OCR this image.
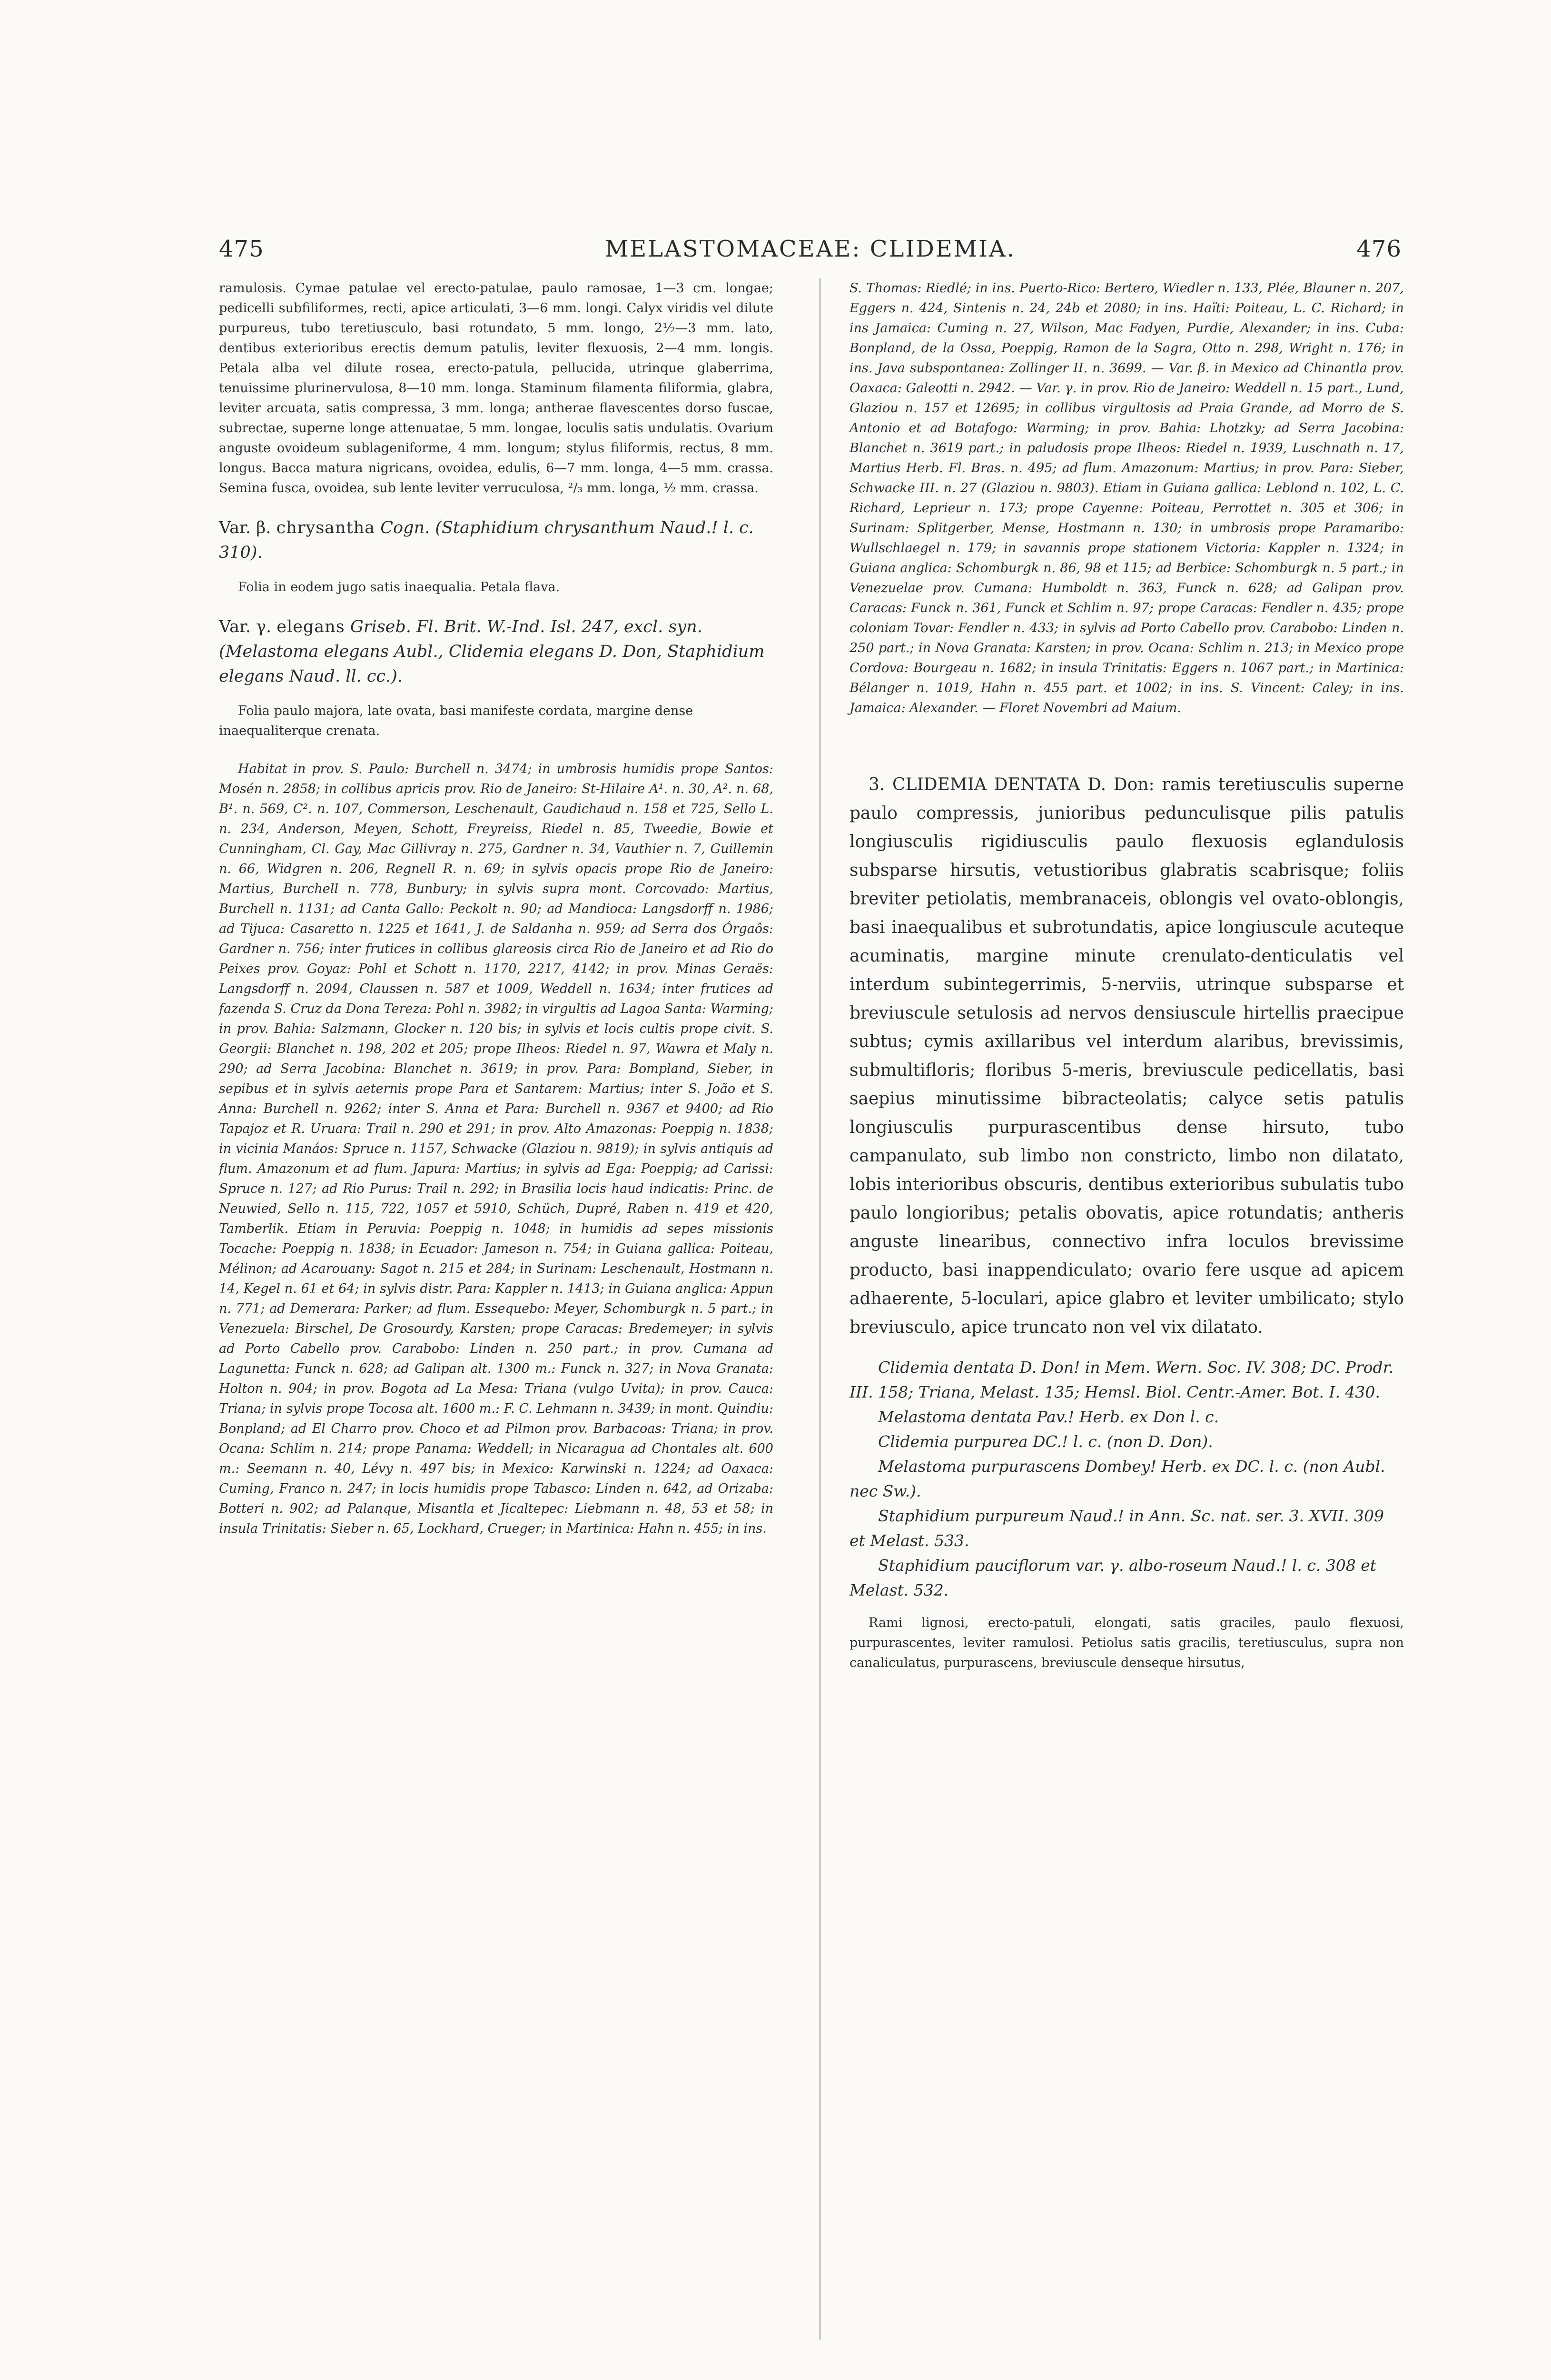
475	MELASTOMACEAE: CLIDEMIA.	476

ramulosis. Cymae patulae vel erecto-patulae, paulo ramosae, 1—3 cm. longae; pedicelli subfiliformes, recti, apice articulati, 3—6 mm. longi. Calyx viridis vel dilute purpureus, tubo teretiusculo, basi rotundato, 5 mm. longo, 2½—3 mm. lato, dentibus exterioribus erectis demum patulis, leviter flexuosis, 2—4 mm. longis. Petala alba vel dilute rosea, erecto-patula, pellucida, utrinque glaberrima, tenuissime plurinervulosa, 8—10 mm. longa. Staminum filamenta filiformia, glabra, leviter arcuata, satis compressa, 3 mm. longa; antherae flavescentes dorso fuscae, subrectae, superne longe attenuatae, 5 mm. longae, loculis satis undulatis. Ovarium anguste ovoideum sublageniforme, 4 mm. longum; stylus filiformis, rectus, 8 mm. longus. Bacca matura nigricans, ovoidea, edulis, 6—7 mm. longa, 4—5 mm. crassa. Semina fusca, ovoidea, sub lente leviter verruculosa, ²/₃ mm. longa, ½ mm. crassa.

Var. β. chrysantha Cogn. (Staphidium chrysanthum Naud.! l. c. 310).

Folia in eodem jugo satis inaequalia. Petala flava.

Var. γ. elegans Griseb. Fl. Brit. W.-Ind. Isl. 247, excl. syn. (Melastoma elegans Aubl., Clidemia elegans D. Don, Staphidium elegans Naud. ll. cc.).

Folia paulo majora, late ovata, basi manifeste cordata, margine dense inaequaliterque crenata.

Habitat in prov. S. Paulo: Burchell n. 3474; in umbrosis humidis prope Santos: Mosén n. 2858; in collibus apricis prov. Rio de Janeiro: St-Hilaire A¹. n. 30, A². n. 68, B¹. n. 569, C². n. 107, Commerson, Leschenault, Gaudichaud n. 158 et 725, Sello L. n. 234, Anderson, Meyen, Schott, Freyreiss, Riedel n. 85, Tweedie, Bowie et Cunningham, Cl. Gay, Mac Gillivray n. 275, Gardner n. 34, Vauthier n. 7, Guillemin n. 66, Widgren n. 206, Regnell R. n. 69; in sylvis opacis prope Rio de Janeiro: Martius, Burchell n. 778, Bunbury; in sylvis supra mont. Corcovado: Martius, Burchell n. 1131; ad Canta Gallo: Peckolt n. 90; ad Mandioca: Langsdorff n. 1986; ad Tijuca: Casaretto n. 1225 et 1641, J. de Saldanha n. 959; ad Serra dos Órgaôs: Gardner n. 756; inter frutices in collibus glareosis circa Rio de Janeiro et ad Rio do Peixes prov. Goyaz: Pohl et Schott n. 1170, 2217, 4142; in prov. Minas Geraës: Langsdorff n. 2094, Claussen n. 587 et 1009, Weddell n. 1634; inter frutices ad fazenda S. Cruz da Dona Tereza: Pohl n. 3982; in virgultis ad Lagoa Santa: Warming; in prov. Bahia: Salzmann, Glocker n. 120 bis; in sylvis et locis cultis prope civit. S. Georgii: Blanchet n. 198, 202 et 205; prope Ilheos: Riedel n. 97, Wawra et Maly n. 290; ad Serra Jacobina: Blanchet n. 3619; in prov. Para: Bompland, Sieber, in sepibus et in sylvis aeternis prope Para et Santarem: Martius; inter S. João et S. Anna: Burchell n. 9262; inter S. Anna et Para: Burchell n. 9367 et 9400; ad Rio Tapajoz et R. Uruara: Trail n. 290 et 291; in prov. Alto Amazonas: Poeppig n. 1838; in vicinia Manáos: Spruce n. 1157, Schwacke (Glaziou n. 9819); in sylvis antiquis ad flum. Amazonum et ad flum. Japura: Martius; in sylvis ad Ega: Poeppig; ad Carissi: Spruce n. 127; ad Rio Purus: Trail n. 292; in Brasilia locis haud indicatis: Princ. de Neuwied, Sello n. 115, 722, 1057 et 5910, Schüch, Dupré, Raben n. 419 et 420, Tamberlik. Etiam in Peruvia: Poeppig n. 1048; in humidis ad sepes missionis Tocache: Poeppig n. 1838; in Ecuador: Jameson n. 754; in Guiana gallica: Poiteau, Mélinon; ad Acarouany: Sagot n. 215 et 284; in Surinam: Leschenault, Hostmann n. 14, Kegel n. 61 et 64; in sylvis distr. Para: Kappler n. 1413; in Guiana anglica: Appun n. 771; ad Demerara: Parker; ad flum. Essequebo: Meyer, Schomburgk n. 5 part.; in Venezuela: Birschel, De Grosourdy, Karsten; prope Caracas: Bredemeyer; in sylvis ad Porto Cabello prov. Carabobo: Linden n. 250 part.; in prov. Cumana ad Lagunetta: Funck n. 628; ad Galipan alt. 1300 m.: Funck n. 327; in Nova Granata: Holton n. 904; in prov. Bogota ad La Mesa: Triana (vulgo Uvita); in prov. Cauca: Triana; in sylvis prope Tocosa alt. 1600 m.: F. C. Lehmann n. 3439; in mont. Quindiu: Bonpland; ad El Charro prov. Choco et ad Pilmon prov. Barbacoas: Triana; in prov. Ocana: Schlim n. 214; prope Panama: Weddell; in Nicaragua ad Chontales alt. 600 m.: Seemann n. 40, Lévy n. 497 bis; in Mexico: Karwinski n. 1224; ad Oaxaca: Cuming, Franco n. 247; in locis humidis prope Tabasco: Linden n. 642, ad Orizaba: Botteri n. 902; ad Palanque, Misantla et Jicaltepec: Liebmann n. 48, 53 et 58; in insula Trinitatis: Sieber n. 65, Lockhard, Crueger; in Martinica: Hahn n. 455; in ins.

S. Thomas: Riedlé; in ins. Puerto-Rico: Bertero, Wiedler n. 133, Plée, Blauner n. 207, Eggers n. 424, Sintenis n. 24, 24b et 2080; in ins. Haïti: Poiteau, L. C. Richard; in ins Jamaica: Cuming n. 27, Wilson, Mac Fadyen, Purdie, Alexander; in ins. Cuba: Bonpland, de la Ossa, Poeppig, Ramon de la Sagra, Otto n. 298, Wright n. 176; in ins. Java subspontanea: Zollinger II. n. 3699. — Var. β. in Mexico ad Chinantla prov. Oaxaca: Galeotti n. 2942. — Var. γ. in prov. Rio de Janeiro: Weddell n. 15 part., Lund, Glaziou n. 157 et 12695; in collibus virgultosis ad Praia Grande, ad Morro de S. Antonio et ad Botafogo: Warming; in prov. Bahia: Lhotzky; ad Serra Jacobina: Blanchet n. 3619 part.; in paludosis prope Ilheos: Riedel n. 1939, Luschnath n. 17, Martius Herb. Fl. Bras. n. 495; ad flum. Amazonum: Martius; in prov. Para: Sieber, Schwacke III. n. 27 (Glaziou n. 9803). Etiam in Guiana gallica: Leblond n. 102, L. C. Richard, Leprieur n. 173; prope Cayenne: Poiteau, Perrottet n. 305 et 306; in Surinam: Splitgerber, Mense, Hostmann n. 130; in umbrosis prope Paramaribo: Wullschlaegel n. 179; in savannis prope stationem Victoria: Kappler n. 1324; in Guiana anglica: Schomburgk n. 86, 98 et 115; ad Berbice: Schomburgk n. 5 part.; in Venezuelae prov. Cumana: Humboldt n. 363, Funck n. 628; ad Galipan prov. Caracas: Funck n. 361, Funck et Schlim n. 97; prope Caracas: Fendler n. 435; prope coloniam Tovar: Fendler n. 433; in sylvis ad Porto Cabello prov. Carabobo: Linden n. 250 part.; in Nova Granata: Karsten; in prov. Ocana: Schlim n. 213; in Mexico prope Cordova: Bourgeau n. 1682; in insula Trinitatis: Eggers n. 1067 part.; in Martinica: Bélanger n. 1019, Hahn n. 455 part. et 1002; in ins. S. Vincent: Caley; in ins. Jamaica: Alexander. — Floret Novembri ad Maium.

3. CLIDEMIA DENTATA D. Don: ramis teretiusculis superne paulo compressis, junioribus pedunculisque pilis patulis longiusculis rigidiusculis paulo flexuosis eglandulosis subsparse hirsutis, vetustioribus glabratis scabrisque; foliis breviter petiolatis, membranaceis, oblongis vel ovato-oblongis, basi inaequalibus et subrotundatis, apice longiuscule acuteque acuminatis, margine minute crenulato-denticulatis vel interdum subintegerrimis, 5-nerviis, utrinque subsparse et breviuscule setulosis ad nervos densiuscule hirtellis praecipue subtus; cymis axillaribus vel interdum alaribus, brevissimis, submultifloris; floribus 5-meris, breviuscule pedicellatis, basi saepius minutissime bibracteolatis; calyce setis patulis longiusculis purpurascentibus dense hirsuto, tubo campanulato, sub limbo non constricto, limbo non dilatato, lobis interioribus obscuris, dentibus exterioribus subulatis tubo paulo longioribus; petalis obovatis, apice rotundatis; antheris anguste linearibus, connectivo infra loculos brevissime producto, basi inappendiculato; ovario fere usque ad apicem adhaerente, 5-loculari, apice glabro et leviter umbilicato; stylo breviusculo, apice truncato non vel vix dilatato.

Clidemia dentata D. Don! in Mem. Wern. Soc. IV. 308; DC. Prodr. III. 158; Triana, Melast. 135; Hemsl. Biol. Centr.-Amer. Bot. I. 430.

Melastoma dentata Pav.! Herb. ex Don l. c.

Clidemia purpurea DC.! l. c. (non D. Don).

Melastoma purpurascens Dombey! Herb. ex DC. l. c. (non Aubl. nec Sw.).

Staphidium purpureum Naud.! in Ann. Sc. nat. ser. 3. XVII. 309 et Melast. 533.

Staphidium pauciflorum var. γ. albo-roseum Naud.! l. c. 308 et Melast. 532.

Rami lignosi, erecto-patuli, elongati, satis graciles, paulo flexuosi, purpurascentes, leviter ramulosi. Petiolus satis gracilis, teretiusculus, supra non canaliculatus, purpurascens, breviuscule denseque hirsutus,
